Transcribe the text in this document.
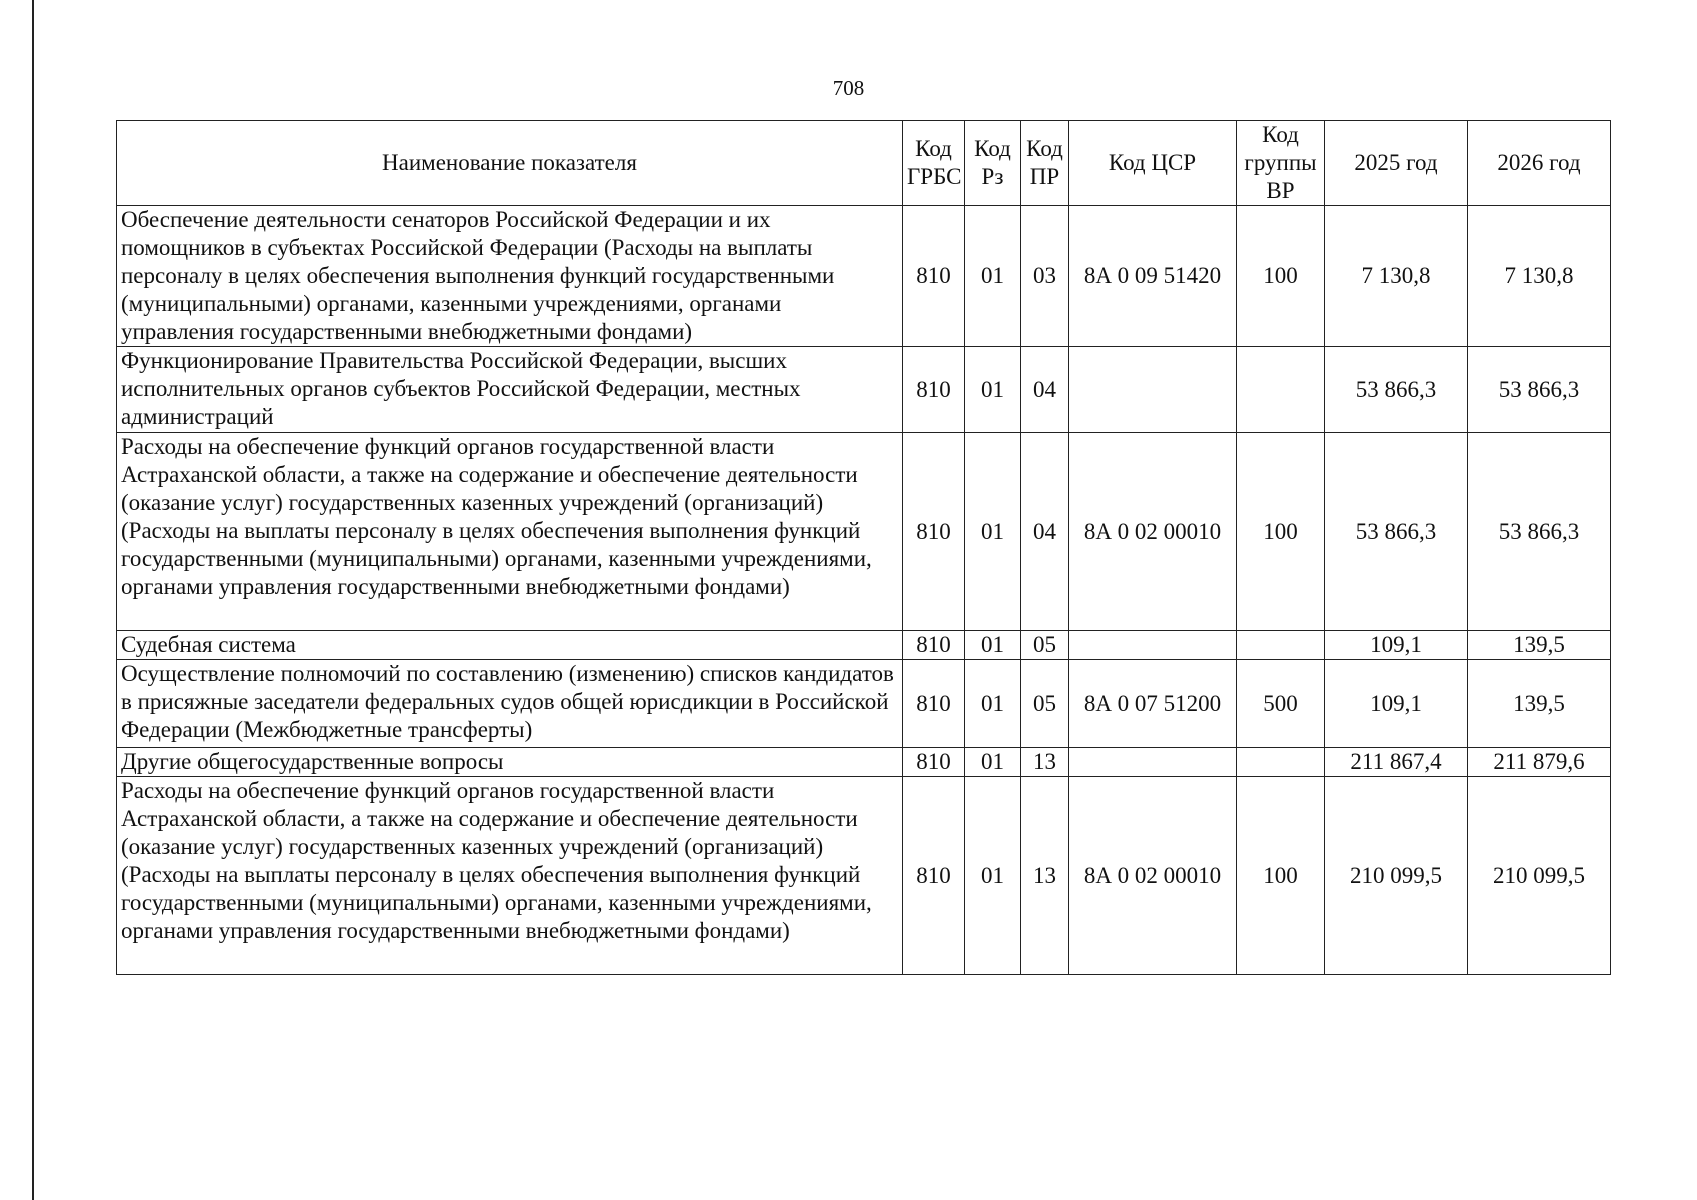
708
Наименование показателя	Код ГРБС	Код Рз	Код ПР	Код ЦСР	Код группы ВР	2025 год	2026 год
Обеспечение деятельности сенаторов Российской Федерации и их помощников в субъектах Российской Федерации (Расходы на выплаты персоналу в целях обеспечения выполнения функций государственными (муниципальными) органами, казенными учреждениями, органами управления государственными внебюджетными фондами)	810	01	03	8А 0 09 51420	100	7 130,8	7 130,8
Функционирование Правительства Российской Федерации, высших исполнительных органов субъектов Российской Федерации, местных администраций	810	01	04			53 866,3	53 866,3
Расходы на обеспечение функций органов государственной власти Астраханской области, а также на содержание и обеспечение деятельности (оказание услуг) государственных казенных учреждений (организаций) (Расходы на выплаты персоналу в целях обеспечения выполнения функций государственными (муниципальными) органами, казенными учреждениями, органами управления государственными внебюджетными фондами)	810	01	04	8А 0 02 00010	100	53 866,3	53 866,3
Судебная система	810	01	05			109,1	139,5
Осуществление полномочий по составлению (изменению) списков кандидатов в присяжные заседатели федеральных судов общей юрисдикции в Российской Федерации (Межбюджетные трансферты)	810	01	05	8А 0 07 51200	500	109,1	139,5
Другие общегосударственные вопросы	810	01	13			211 867,4	211 879,6
Расходы на обеспечение функций органов государственной власти Астраханской области, а также на содержание и обеспечение деятельности (оказание услуг) государственных казенных учреждений (организаций) (Расходы на выплаты персоналу в целях обеспечения выполнения функций государственными (муниципальными) органами, казенными учреждениями, органами управления государственными внебюджетными фондами)	810	01	13	8А 0 02 00010	100	210 099,5	210 099,5
